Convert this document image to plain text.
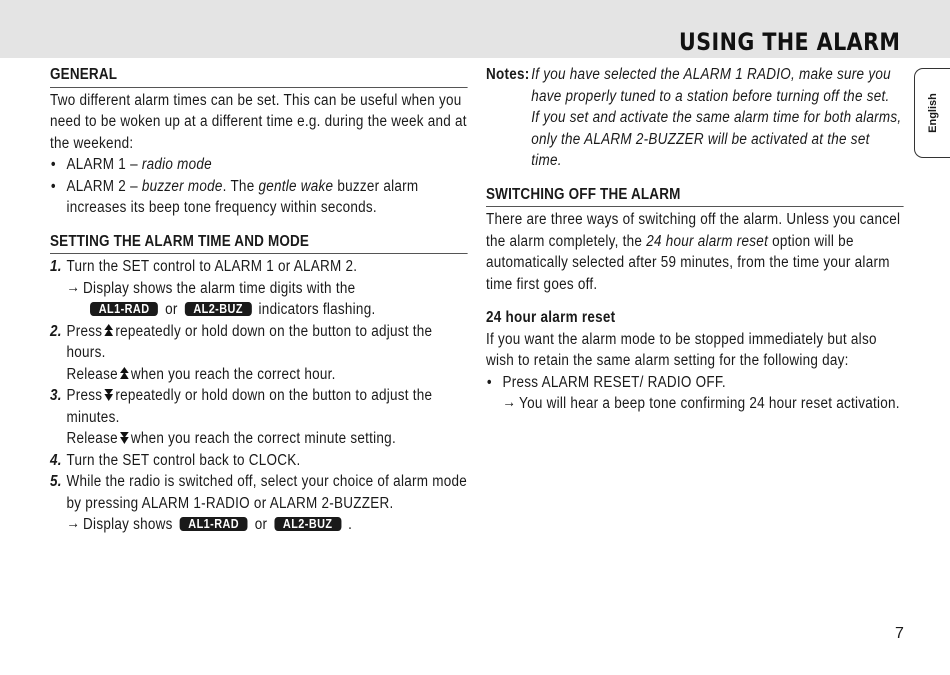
USING THE ALARM
English
GENERAL

Two different alarm times can be set. This can be useful when you need to be woken up at a different time e.g. during the week and at the weekend:

• ALARM 1 – radio mode
• ALARM 2 – buzzer mode. The gentle wake buzzer alarm increases its beep tone frequency within seconds.
SETTING THE ALARM TIME AND MODE
1. Turn the SET control to ALARM 1 or ALARM 2.
→ Display shows the alarm time digits with the
AL1-RAD or AL2-BUZ indicators flashing.
2. Press repeatedly or hold down on the button to adjust the hours.
Release when you reach the correct hour.
3. Press repeatedly or hold down on the button to adjust the minutes.
Release when you reach the correct minute setting.
4. Turn the SET control back to CLOCK.
5. While the radio is switched off, select your choice of alarm mode by pressing ALARM 1-RADIO or ALARM 2-BUZZER.
→ Display shows AL1-RAD or AL2-BUZ .
Notes: If you have selected the ALARM 1 RADIO, make sure you have properly tuned to a station before turning off the set.

If you set and activate the same alarm time for both alarms, only the ALARM 2-BUZZER will be activated at the set time.

SWITCHING OFF THE ALARM

There are three ways of switching off the alarm. Unless you cancel the alarm completely, the 24 hour alarm reset option will be automatically selected after 59 minutes, from the time your alarm time first goes off.

24 hour alarm reset

If you want the alarm mode to be stopped immediately but also wish to retain the same alarm setting for the following day:

• Press ALARM RESET/ RADIO OFF.
→ You will hear a beep tone confirming 24 hour reset activation.
7
